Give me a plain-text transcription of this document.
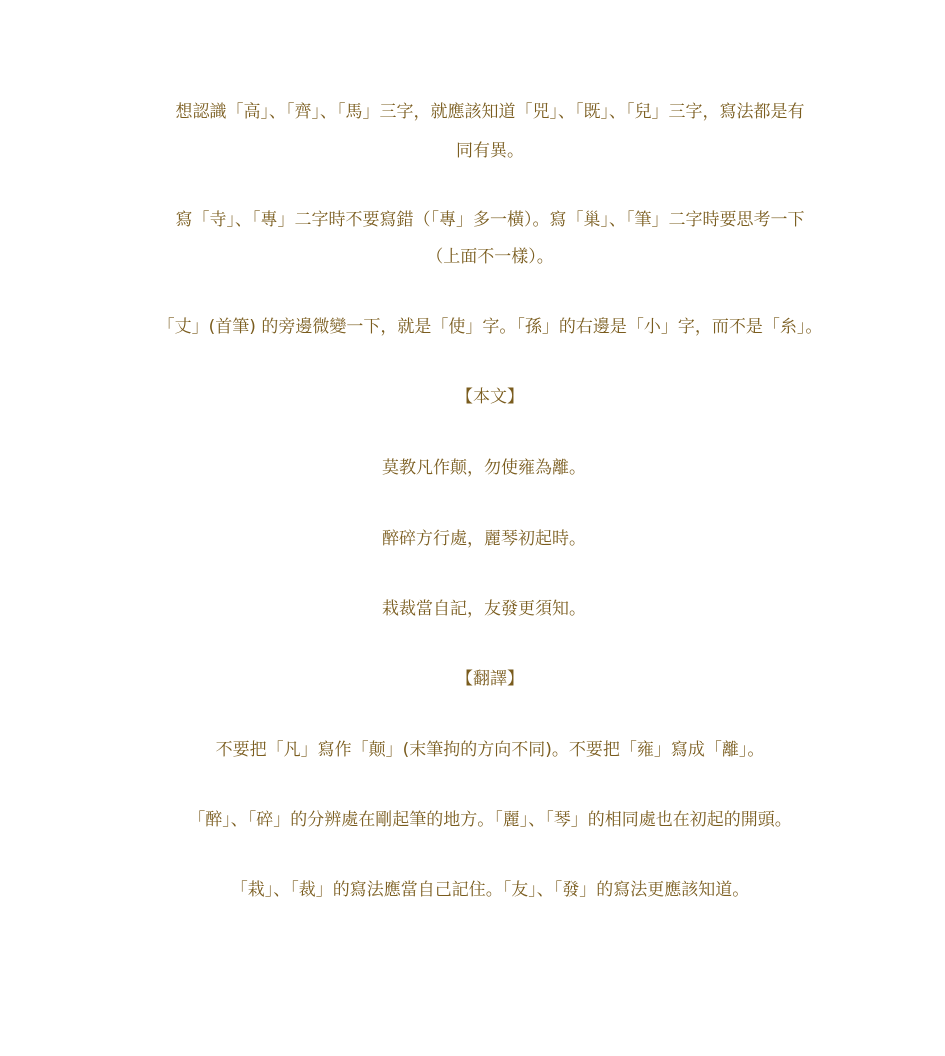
想認識「高」、「齊」、「馬」三字，就應該知道「兕」、「既」、「兒」三字，寫法都是有
同有異。
寫「寺」、「專」二字時不要寫錯（「專」多一橫）。寫「巢」、「筆」二字時要思考一下
（上面不一樣）。
「丈」(首筆) 的旁邊微變一下，就是「使」字。「孫」的右邊是「小」字，而不是「糸」。
【本文】
莫教凡作颠，勿使雍為離。
醉碎方行處，麗琴初起時。
栽裁當自記，友發更須知。
【翻譯】
不要把「凡」寫作「颠」(末筆拘的方向不同)。不要把「雍」寫成「離」。
「醉」、「碎」的分辨處在剛起筆的地方。「麗」、「琴」的相同處也在初起的開頭。
「栽」、「裁」的寫法應當自己記住。「友」、「發」的寫法更應該知道。
